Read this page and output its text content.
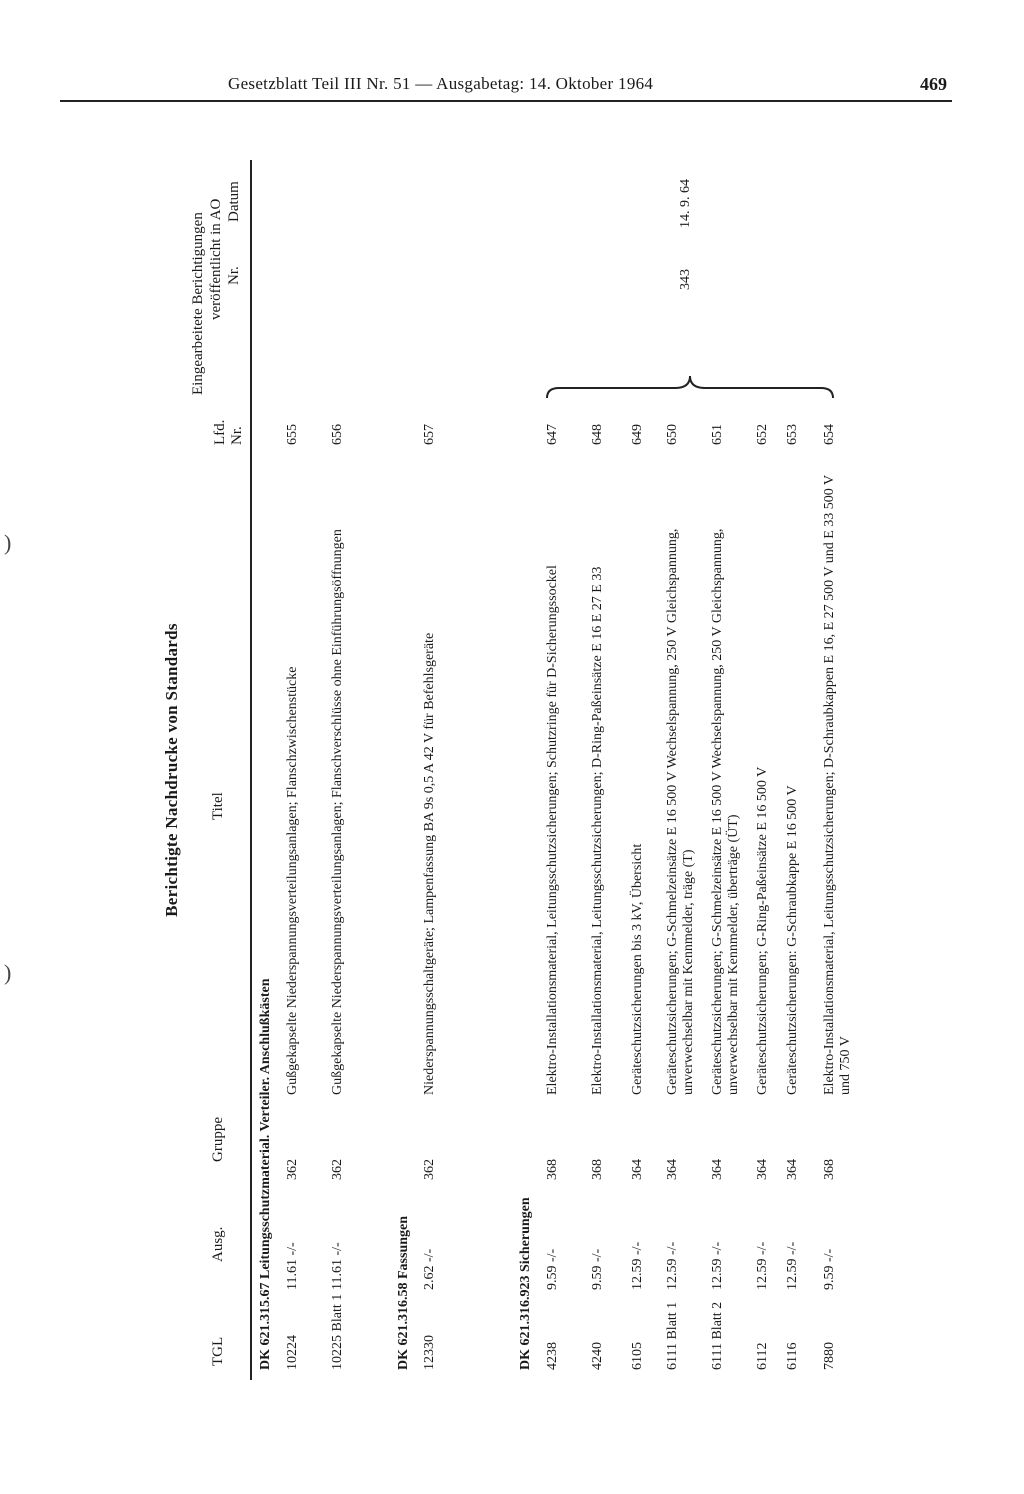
Gesetzblatt Teil III Nr. 51 — Ausgabetag: 14. Oktober 1964	469
)
)
Berichtigte Nachdrucke von Standards
TGL
Ausg.
Gruppe
Titel
Lfd. Nr.
Eingearbeitete Berichtigungen veröffentlicht in AO Nr.
Datum
DK 621.315.67 Leitungsschutzmaterial. Verteiler. Anschlußkästen 10224
11.61 -/-
362
Gußgekapselte Niederspannungsverteilungsanlagen; Flanschzwischenstücke
655
10225 Blatt 1
11.61 -/-
362
Gußgekapselte Niederspannungsverteilungsanlagen; Flanschverschlüsse ohne Einführungsöffnungen
656
DK 621.316.58 Fassungen 12330
2.62 -/-
362
Niederspannungsschaltgeräte; Lampenfassung BA 9s 0,5 A 42 V für Befehlsgeräte
657
DK 621.316.923 Sicherungen 4238
9.59 -/-
368
Elektro-Installationsmaterial, Leitungsschutzsicherungen; Schutzringe für D-Sicherungssockel
647
4240
9.59 -/-
368
Elektro-Installationsmaterial, Leitungsschutzsicherungen; D-Ring-Paßeinsätze E 16 E 27 E 33
648
6105
12.59 -/-
364
Geräteschutzsicherungen bis 3 kV, Übersicht
649
6111 Blatt 1
12.59 -/-
364
Geräteschutzsicherungen; G-Schmelzeinsätze E 16 500 V Wechselspannung, 250 V Gleichspannung, unverwechselbar mit Kennmelder, träge (T)
650
6111 Blatt 2
12.59 -/-
364
Geräteschutzsicherungen; G-Schmelzeinsätze E 16 500 V Wechselspannung, 250 V Gleichspannung, unverwechselbar mit Kennmelder, überträge (ÜT)
651
6112
12.59 -/-
364
Geräteschutzsicherungen; G-Ring-Paßeinsätze E 16 500 V
652
6116
12.59 -/-
364
Geräteschutzsicherungen: G-Schraubkappe E 16 500 V
653
7880
9.59 -/-
368
Elektro-Installationsmaterial, Leitungsschutzsicherungen; D-Schraubkappen E 16, E 27 500 V und E 33 500 V und 750 V
654
343
14. 9. 64
